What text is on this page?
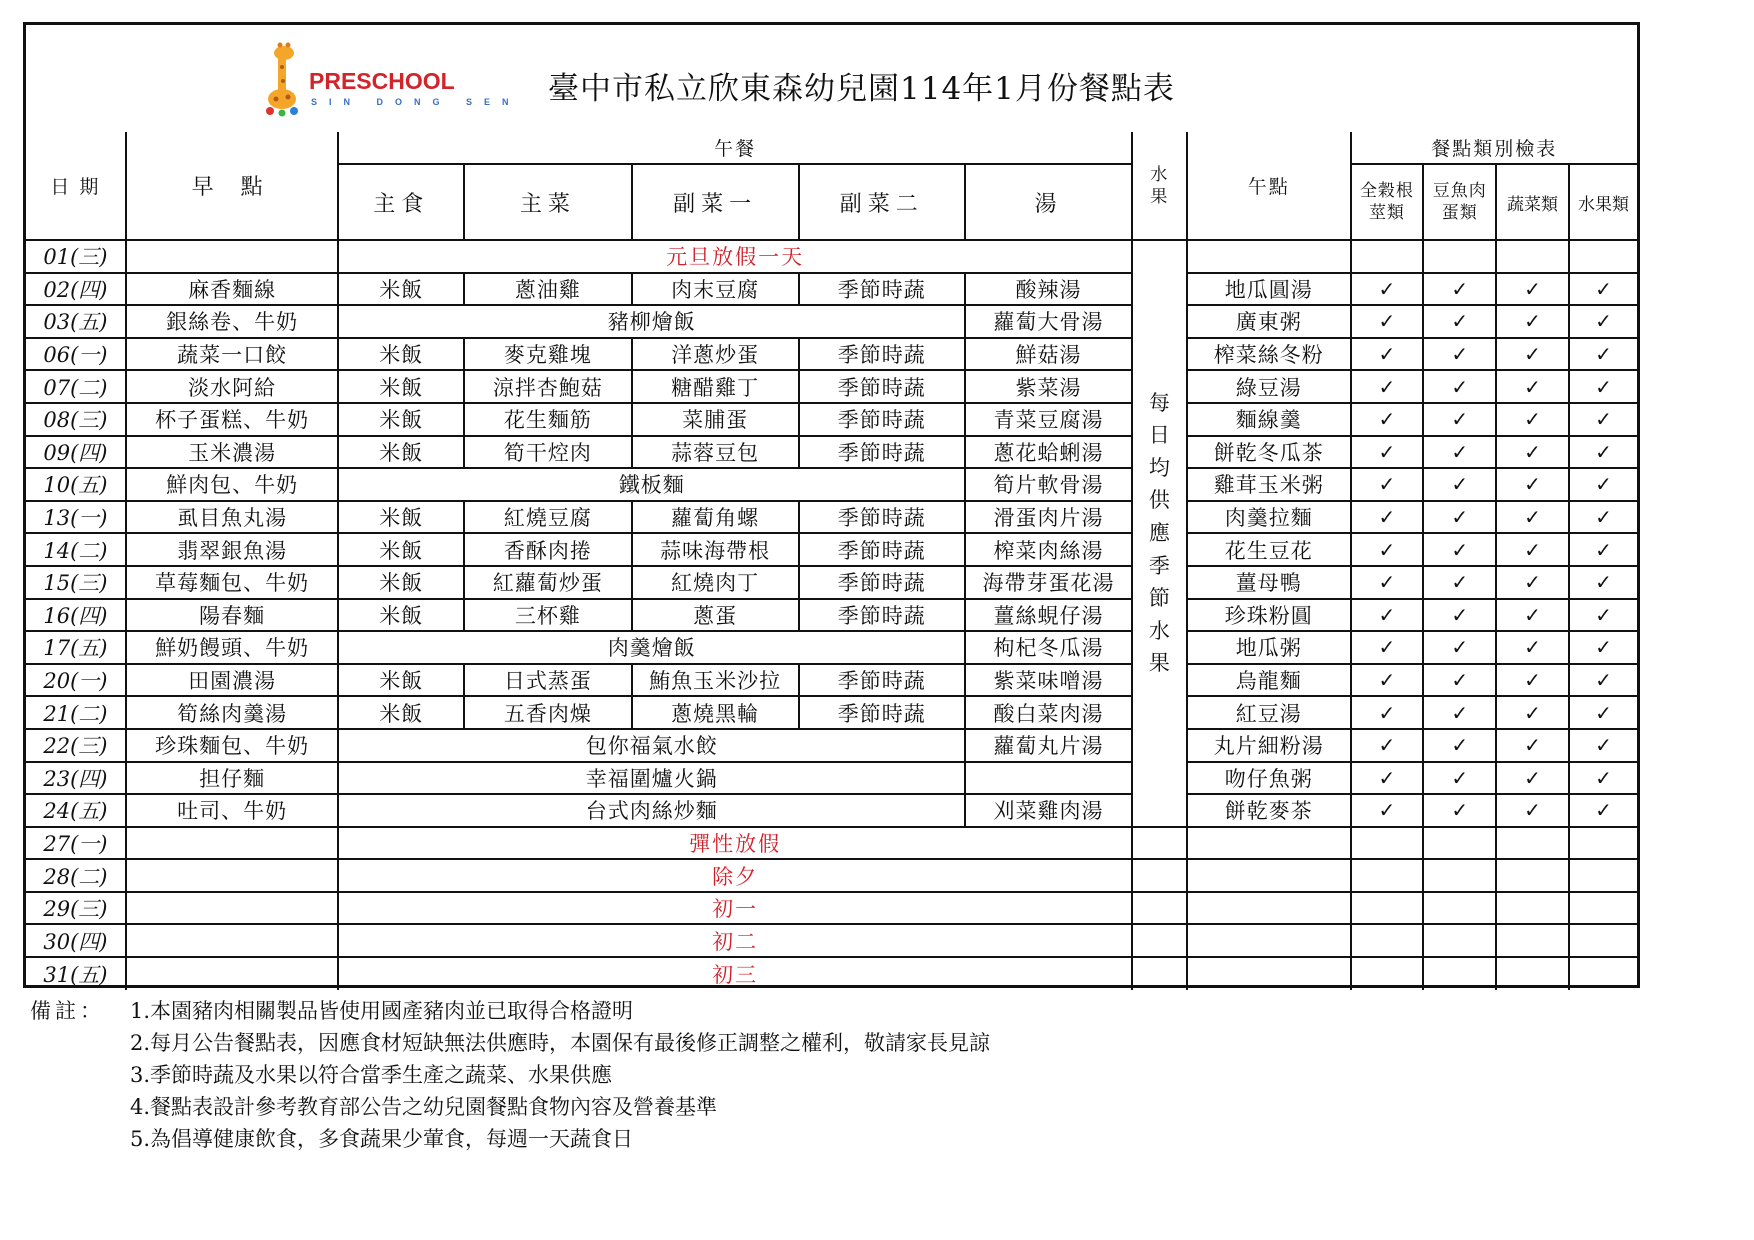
PRESCHOOL
SIN DONG SEN 臺中市私立欣東森幼兒園114年1月份餐點表
日 期	早 點	午餐					水果	午點	餐點類別檢表			
		主食	主菜	副菜一	副菜二	湯			全穀根莖類	豆魚肉蛋類	蔬菜類	水果類
01(三)		元旦放假一天					每日均供應季節水果					
02(四)	麻香麵線	米飯	蔥油雞	肉末豆腐	季節時蔬	酸辣湯		地瓜圓湯	✓	✓	✓	✓
03(五)	銀絲卷、牛奶	豬柳燴飯				蘿蔔大骨湯		廣東粥	✓	✓	✓	✓
06(一)	蔬菜一口餃	米飯	麥克雞塊	洋蔥炒蛋	季節時蔬	鮮菇湯		榨菜絲冬粉	✓	✓	✓	✓
07(二)	淡水阿給	米飯	涼拌杏鮑菇	糖醋雞丁	季節時蔬	紫菜湯		綠豆湯	✓	✓	✓	✓
08(三)	杯子蛋糕、牛奶	米飯	花生麵筋	菜脯蛋	季節時蔬	青菜豆腐湯		麵線羹	✓	✓	✓	✓
09(四)	玉米濃湯	米飯	筍干焢肉	蒜蓉豆包	季節時蔬	蔥花蛤蜊湯		餅乾冬瓜茶	✓	✓	✓	✓
10(五)	鮮肉包、牛奶	鐵板麵				筍片軟骨湯		雞茸玉米粥	✓	✓	✓	✓
13(一)	虱目魚丸湯	米飯	紅燒豆腐	蘿蔔角螺	季節時蔬	滑蛋肉片湯		肉羹拉麵	✓	✓	✓	✓
14(二)	翡翠銀魚湯	米飯	香酥肉捲	蒜味海帶根	季節時蔬	榨菜肉絲湯		花生豆花	✓	✓	✓	✓
15(三)	草莓麵包、牛奶	米飯	紅蘿蔔炒蛋	紅燒肉丁	季節時蔬	海帶芽蛋花湯		薑母鴨	✓	✓	✓	✓
16(四)	陽春麵	米飯	三杯雞	蔥蛋	季節時蔬	薑絲蜆仔湯		珍珠粉圓	✓	✓	✓	✓
17(五)	鮮奶饅頭、牛奶	肉羹燴飯				枸杞冬瓜湯		地瓜粥	✓	✓	✓	✓
20(一)	田園濃湯	米飯	日式蒸蛋	鮪魚玉米沙拉	季節時蔬	紫菜味噌湯		烏龍麵	✓	✓	✓	✓
21(二)	筍絲肉羹湯	米飯	五香肉燥	蔥燒黑輪	季節時蔬	酸白菜肉湯		紅豆湯	✓	✓	✓	✓
22(三)	珍珠麵包、牛奶	包你福氣水餃				蘿蔔丸片湯		丸片細粉湯	✓	✓	✓	✓
23(四)	担仔麵	幸福圍爐火鍋						吻仔魚粥	✓	✓	✓	✓
24(五)	吐司、牛奶	台式肉絲炒麵				刈菜雞肉湯		餅乾麥茶	✓	✓	✓	✓
27(一)		彈性放假										
28(二)		除夕										
29(三)		初一										
30(四)		初二										
31(五)		初三										
備註：	1.本園豬肉相關製品皆使用國產豬肉並已取得合格證明
2.每月公告餐點表，因應食材短缺無法供應時，本園保有最後修正調整之權利，敬請家長見諒
3.季節時蔬及水果以符合當季生產之蔬菜、水果供應
4.餐點表設計參考教育部公告之幼兒園餐點食物內容及營養基準
5.為倡導健康飲食，多食蔬果少葷食，每週一天蔬食日
